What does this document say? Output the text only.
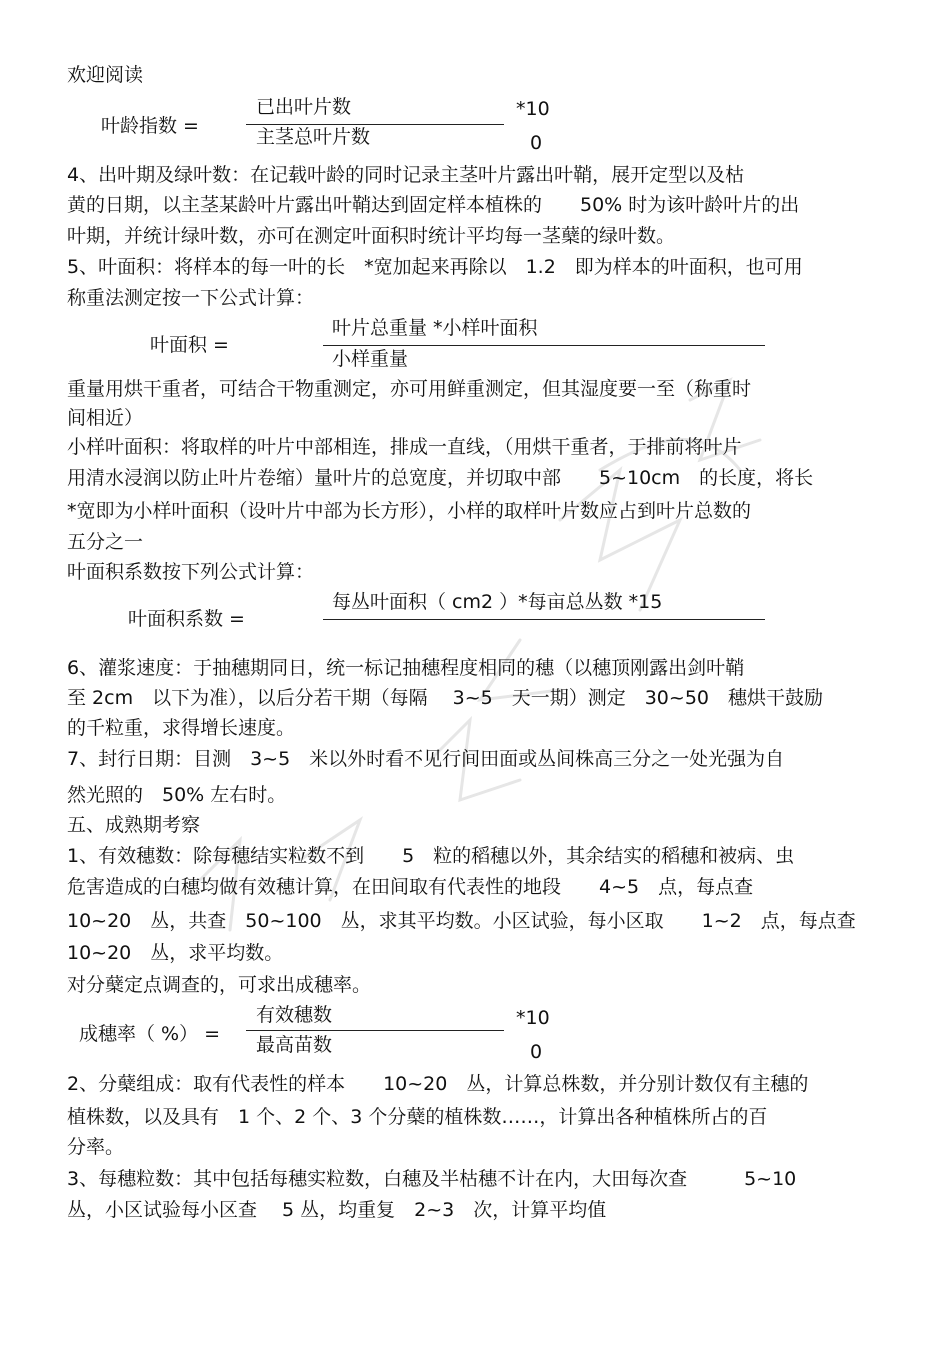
欢迎阅读
叶龄指数 =
已出叶片数
主茎总叶片数
*10
0
4、出叶期及绿叶数：在记载叶龄的同时记录主茎叶片露出叶鞘，展开定型以及枯
黄的日期，以主茎某龄叶片露出叶鞘达到固定样本植株的　　50% 时为该叶龄叶片的出
叶期，并统计绿叶数，亦可在测定叶面积时统计平均每一茎蘖的绿叶数。
5、叶面积：将样本的每一叶的长　*宽加起来再除以　1.2　即为样本的叶面积，也可用
称重法测定按一下公式计算：
叶面积 =
叶片总重量 *小样叶面积
小样重量
重量用烘干重者，可结合干物重测定，亦可用鲜重测定，但其湿度要一至（称重时
间相近）
小样叶面积：将取样的叶片中部相连，排成一直线，（用烘干重者，于排前将叶片
用清水浸润以防止叶片卷缩）量叶片的总宽度，并切取中部　　5~10cm　的长度，将长
*宽即为小样叶面积（设叶片中部为长方形），小样的取样叶片数应占到叶片总数的
五分之一
叶面积系数按下列公式计算：
叶面积系数 =
每丛叶面积（ cm2 ）*每亩总丛数 *15
6、灌浆速度：于抽穗期同日，统一标记抽穗程度相同的穗（以穗顶刚露出剑叶鞘
至 2cm　以下为准），以后分若干期（每隔　 3~5　天一期）测定　30~50　穗烘干鼓励
的千粒重，求得增长速度。
7、封行日期：目测　3~5　米以外时看不见行间田面或丛间株高三分之一处光强为自
然光照的　50% 左右时。
五、成熟期考察
1、有效穗数：除每穗结实粒数不到　　5　粒的稻穗以外，其余结实的稻穗和被病、虫
危害造成的白穗均做有效穗计算，在田间取有代表性的地段　　4~5　点，每点查
10~20　丛，共查　50~100　丛，求其平均数。小区试验，每小区取　　1~2　点，每点查
10~20　丛，求平均数。
对分蘖定点调查的，可求出成穗率。
成穗率（ %） =
有效穗数
最高苗数
*10
0
2、分蘖组成：取有代表性的样本　　10~20　丛，计算总株数，并分别计数仅有主穗的
植株数，以及具有　1 个、2 个、3 个分蘖的植株数……，计算出各种植株所占的百
分率。
3、每穗粒数：其中包括每穗实粒数，白穗及半枯穗不计在内，大田每次查　　　5~10
丛，小区试验每小区查　 5 丛，均重复　2~3　次，计算平均值
